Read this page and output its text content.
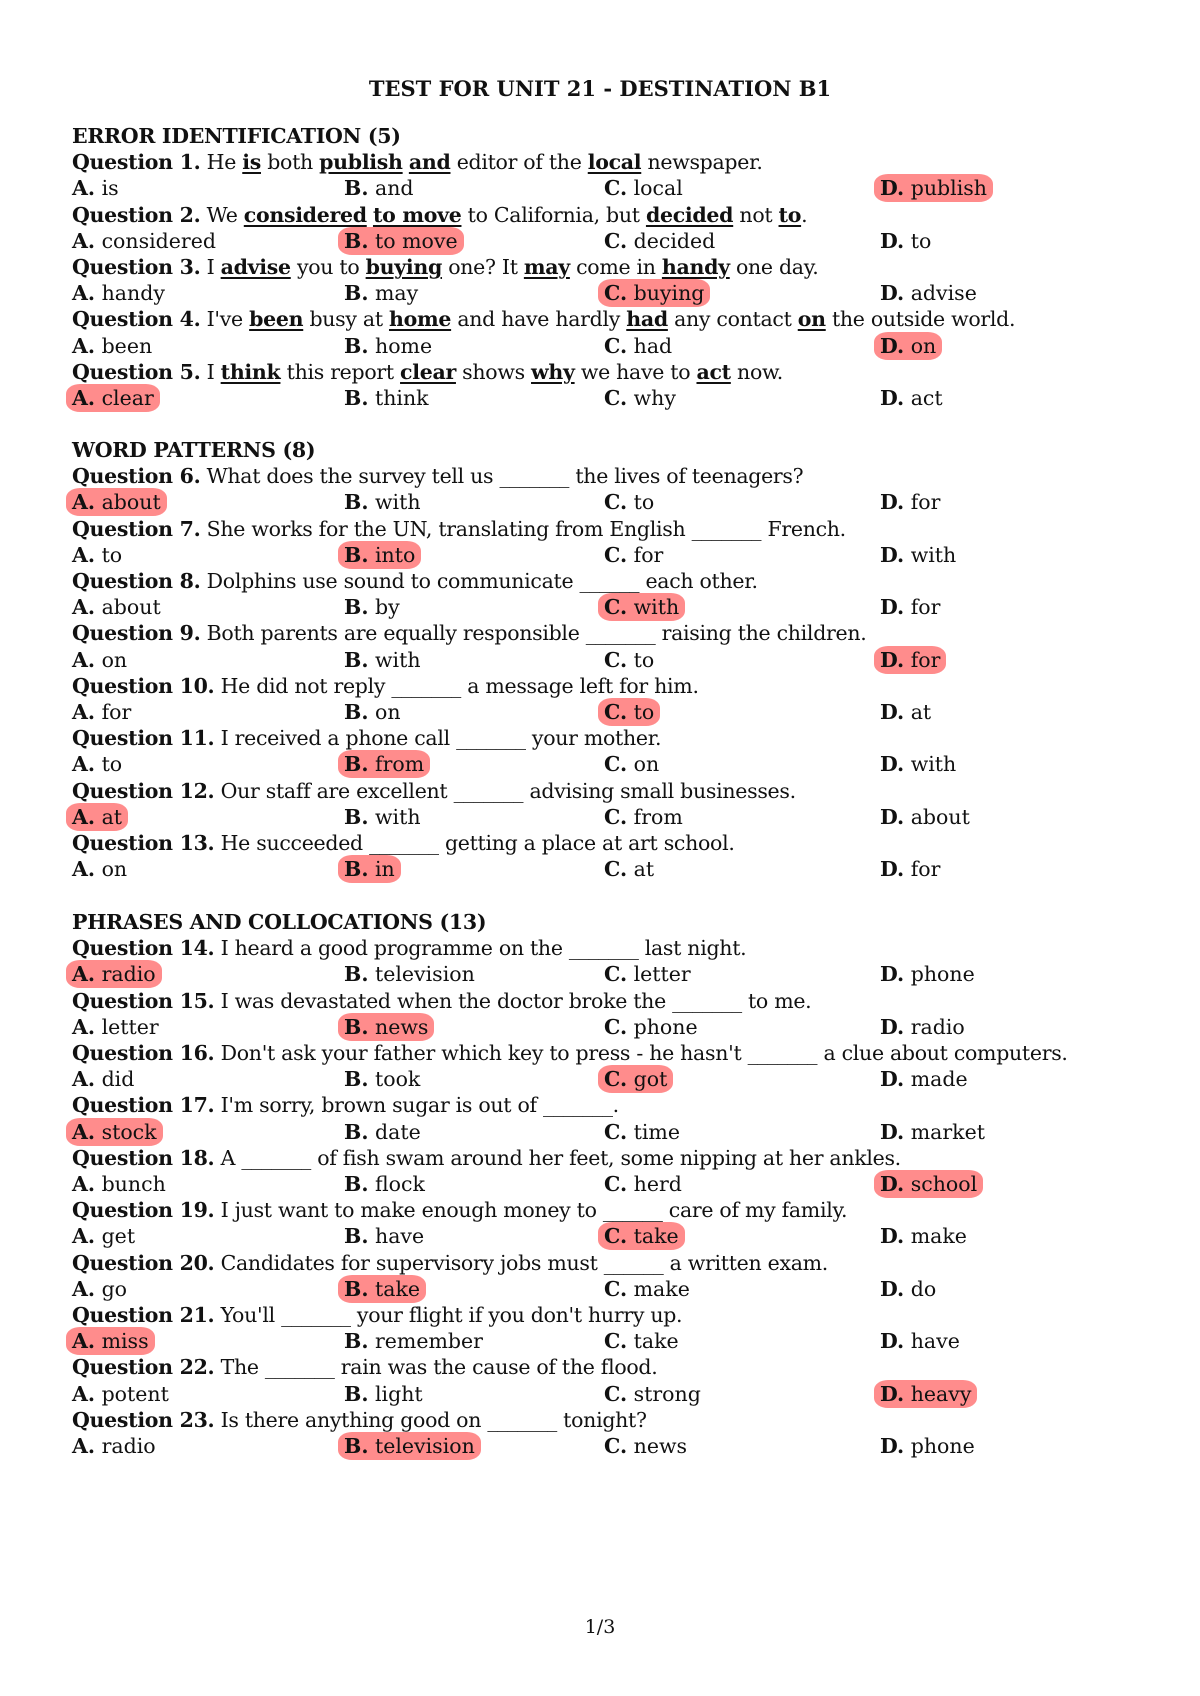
TEST FOR UNIT 21 - DESTINATION B1
ERROR IDENTIFICATION (5)
Question 1. He is both publish and editor of the local newspaper.
A. is	B. and	C. local	D. publish
Question 2. We considered to move to California, but decided not to.
A. considered	B. to move	C. decided	D. to
Question 3. I advise you to buying one? It may come in handy one day.
A. handy	B. may	C. buying	D. advise
Question 4. I've been busy at home and have hardly had any contact on the outside world.
A. been	B. home	C. had	D. on
Question 5. I think this report clear shows why we have to act now.
A. clear	B. think	C. why	D. act
WORD PATTERNS (8)
Question 6. What does the survey tell us _______ the lives of teenagers?
A. about	B. with	C. to	D. for
Question 7. She works for the UN, translating from English _______ French.
A. to	B. into	C. for	D. with
Question 8. Dolphins use sound to communicate ______ each other.
A. about	B. by	C. with	D. for
Question 9. Both parents are equally responsible _______ raising the children.
A. on	B. with	C. to	D. for
Question 10. He did not reply _______ a message left for him.
A. for	B. on	C. to	D. at
Question 11. I received a phone call _______ your mother.
A. to	B. from	C. on	D. with
Question 12. Our staff are excellent _______ advising small businesses.
A. at	B. with	C. from	D. about
Question 13. He succeeded _______ getting a place at art school.
A. on	B. in	C. at	D. for
PHRASES AND COLLOCATIONS (13)
Question 14. I heard a good programme on the _______ last night.
A. radio	B. television	C. letter	D. phone
Question 15. I was devastated when the doctor broke the _______ to me.
A. letter	B. news	C. phone	D. radio
Question 16. Don't ask your father which key to press - he hasn't _______ a clue about computers.
A. did	B. took	C. got	D. made
Question 17. I'm sorry, brown sugar is out of _______.
A. stock	B. date	C. time	D. market
Question 18. A _______ of fish swam around her feet, some nipping at her ankles.
A. bunch	B. flock	C. herd	D. school
Question 19. I just want to make enough money to ______ care of my family.
A. get	B. have	C. take	D. make
Question 20. Candidates for supervisory jobs must ______ a written exam.
A. go	B. take	C. make	D. do
Question 21. You'll _______ your flight if you don't hurry up.
A. miss	B. remember	C. take	D. have
Question 22. The _______ rain was the cause of the flood.
A. potent	B. light	C. strong	D. heavy
Question 23. Is there anything good on _______ tonight?
A. radio	B. television	C. news	D. phone
1/3
